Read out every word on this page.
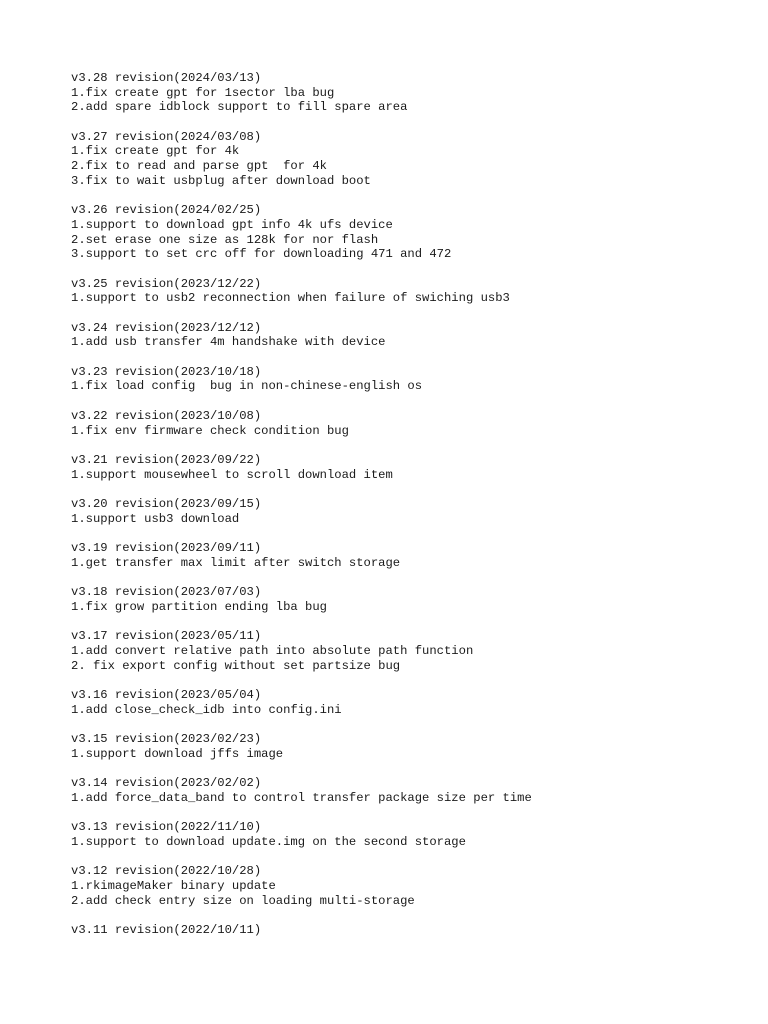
v3.28 revision(2024/03/13)
1.fix create gpt for 1sector lba bug
2.add spare idblock support to fill spare area
v3.27 revision(2024/03/08)
1.fix create gpt for 4k
2.fix to read and parse gpt  for 4k
3.fix to wait usbplug after download boot
v3.26 revision(2024/02/25)
1.support to download gpt info 4k ufs device
2.set erase one size as 128k for nor flash
3.support to set crc off for downloading 471 and 472
v3.25 revision(2023/12/22)
1.support to usb2 reconnection when failure of swiching usb3
v3.24 revision(2023/12/12)
1.add usb transfer 4m handshake with device
v3.23 revision(2023/10/18)
1.fix load config  bug in non-chinese-english os
v3.22 revision(2023/10/08)
1.fix env firmware check condition bug
v3.21 revision(2023/09/22)
1.support mousewheel to scroll download item
v3.20 revision(2023/09/15)
1.support usb3 download
v3.19 revision(2023/09/11)
1.get transfer max limit after switch storage
v3.18 revision(2023/07/03)
1.fix grow partition ending lba bug
v3.17 revision(2023/05/11)
1.add convert relative path into absolute path function
2. fix export config without set partsize bug
v3.16 revision(2023/05/04)
1.add close_check_idb into config.ini
v3.15 revision(2023/02/23)
1.support download jffs image
v3.14 revision(2023/02/02)
1.add force_data_band to control transfer package size per time
v3.13 revision(2022/11/10)
1.support to download update.img on the second storage
v3.12 revision(2022/10/28)
1.rkimageMaker binary update
2.add check entry size on loading multi-storage
v3.11 revision(2022/10/11)
